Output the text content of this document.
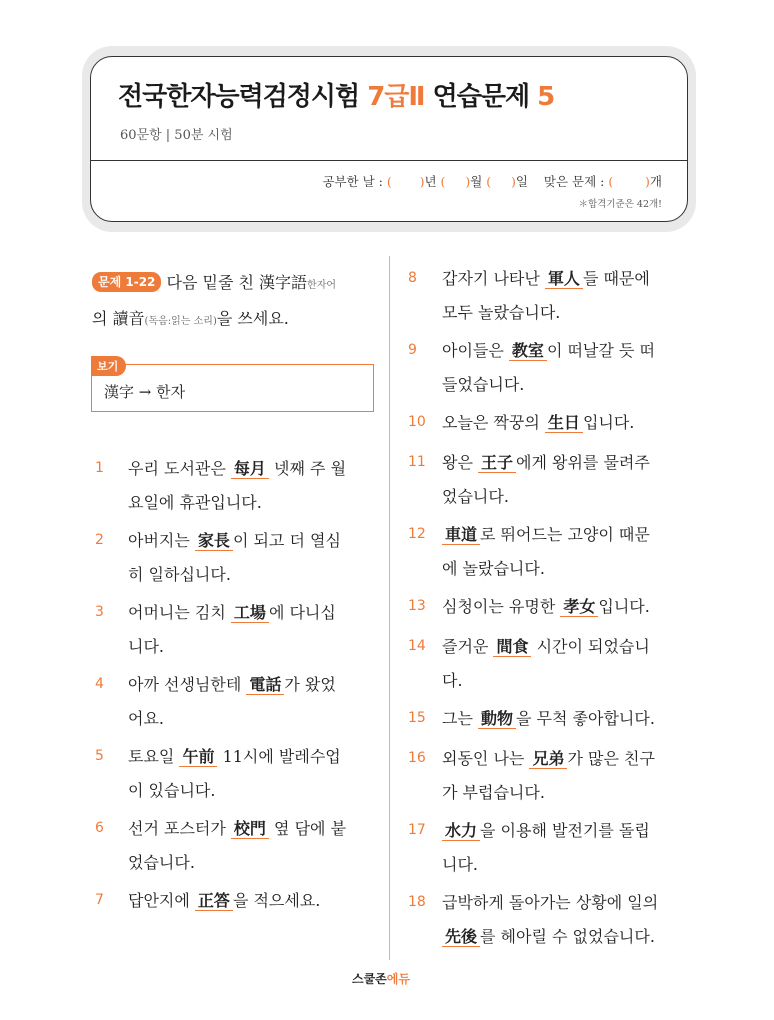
전국한자능력검정시험 7급Ⅱ 연습문제 5
60문항 | 50분 시험
공부한 날 : ( )년 ( )월 ( )일 맞은 문제 : (	)개
＊합격기준은 42개!
문제 1-22 다음 밑줄 친 漢字語한자어
의 讀音(독음:읽는 소리)을 쓰세요.
漢字 → 한자
보기
1 우리 도서관은 每月 넷째 주 월
요일에 휴관입니다.
2 아버지는 家長 이 되고 더 열심
히 일하십니다.
3 어머니는 김치 工場 에 다니십
니다.
4 아까 선생님한테 電話 가 왔었
어요.
5 토요일 午前 11시에 발레수업
이 있습니다.
6 선거 포스터가 校門 옆 담에 붙
었습니다.
7 답안지에 正答 을 적으세요.
8 갑자기 나타난 軍人 들 때문에
모두 놀랐습니다.
9 아이들은 教室 이 떠날갈 듯 떠
들었습니다.
10 오늘은 짝꿍의 生日 입니다.
11 왕은 王子 에게 왕위를 물려주
었습니다.
12 車道 로 뛰어드는 고양이 때문
에 놀랐습니다.
13 심청이는 유명한 孝女 입니다.
14 즐거운 間食 시간이 되었습니
다.
15 그는 動物 을 무척 좋아합니다.
16 외동인 나는 兄弟 가 많은 친구
가 부럽습니다.
17 水力 을 이용해 발전기를 돌립
니다.
18 급박하게 돌아가는 상황에 일의
先後 를 헤아릴 수 없었습니다.
스쿨존에듀
